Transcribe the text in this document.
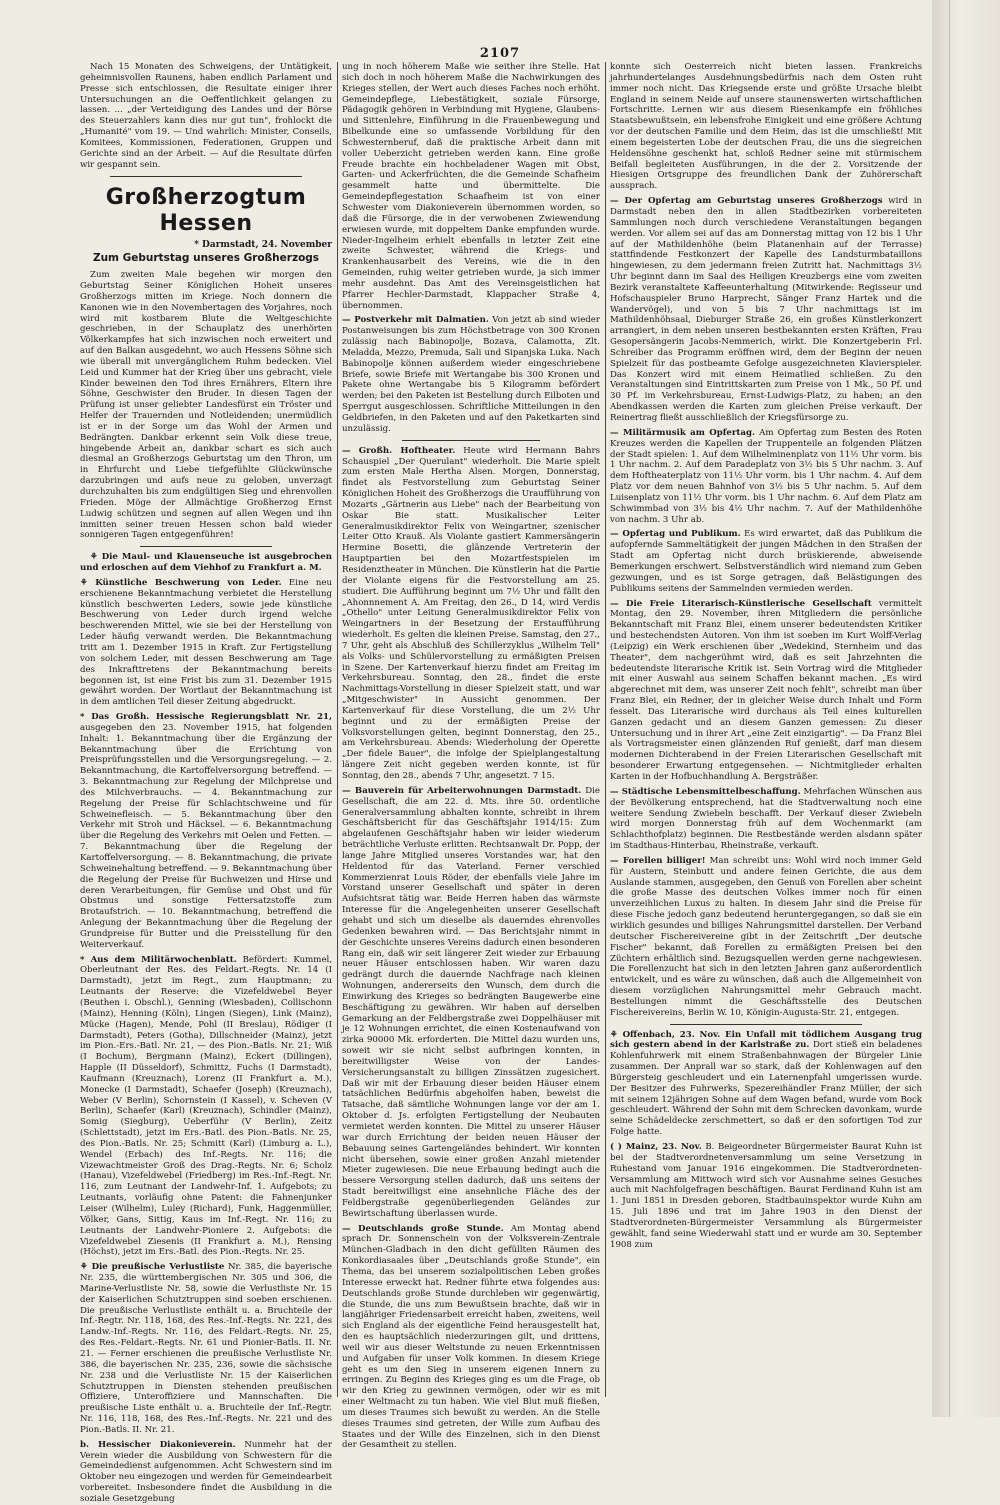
2107

Nach 15 Monaten des Schweigens, der Untätigkeit, geheimnisvollen Raunens, haben endlich Parlament und Presse sich entschlossen, die Resultate einiger ihrer Untersuchungen an die Oeffentlichkeit gelangen zu lassen. ... „der Verteidigung des Landes und der Börse des Steuerzahlers kann dies nur gut tun", frohlockt die „Humanité" vom 19. — Und wahrlich: Minister, Conseils, Komitees, Kommissionen, Federationen, Gruppen und Gerichte sind an der Arbeit. — Auf die Resultate dürfen wir gespannt sein.

Großherzogtum Hessen
* Darmstadt, 24. November
Zum Geburtstag unseres Großherzogs

Zum zweiten Male begehen wir morgen den Geburtstag Seiner Königlichen Hoheit unseres Großherzogs mitten im Kriege. Noch donnern die Kanonen wie in den Novembertagen des Vorjahres, noch wird mit kostbarem Blute die Weltgeschichte geschrieben, in der Schauplatz des unerhörten Völkerkampfes hat sich inzwischen noch erweitert und auf den Balkan ausgedehnt, wo auch Hessens Söhne sich wie überall mit unvergänglichem Ruhm bedecken. Viel Leid und Kummer hat der Krieg über uns gebracht, viele Kinder beweinen den Tod ihres Ernährers, Eltern ihre Söhne, Geschwister den Bruder. In diesen Tagen der Prüfung ist unser geliebter Landesfürst ein Tröster und Helfer der Trauernden und Notleidenden; unermüdlich ist er in der Sorge um das Wohl der Armen und Bedrängten. Dankbar erkennt sein Volk diese treue, hingebende Arbeit an, dankbar schart es sich auch diesmal an Großherzogs Geburtstag um den Thron, um in Ehrfurcht und Liebe tiefgefühlte Glückwünsche darzubringen und aufs neue zu geloben, unverzagt durchzuhalten bis zum endgültigen Sieg und ehrenvollen Frieden. Möge der Allmächtige Großherzog Ernst Ludwig schützen und segnen auf allen Wegen und ihn inmitten seiner treuen Hessen schon bald wieder sonnigeren Tagen entgegenführen!

⚘ Die Maul- und Klauenseuche ist ausgebrochen und erloschen auf dem Viehhof zu Frankfurt a. M.

⚘ Künstliche Beschwerung von Leder. Eine neu erschienene Bekanntmachung verbietet die Herstellung künstlich beschwerten Leders, sowie jede künstliche Beschwerung von Leder durch irgend welche beschwerenden Mittel, wie sie bei der Herstellung von Leder häufig verwandt werden. Die Bekanntmachung tritt am 1. Dezember 1915 in Kraft. Zur Fertigstellung von solchem Leder, mit dessen Beschwerung am Tage des Inkrafttretens der Bekanntmachung bereits begonnen ist, ist eine Frist bis zum 31. Dezember 1915 gewährt worden. Der Wortlaut der Bekanntmachung ist in dem amtlichen Teil dieser Zeitung abgedruckt.

* Das Großh. Hessische Regierungsblatt Nr. 21, ausgegeben den 23. November 1915, hat folgenden Inhalt: 1. Bekanntmachung über die Ergänzung der Bekanntmachung über die Errichtung von Preisprüfungsstellen und die Versorgungsregelung. — 2. Bekanntmachung, die Kartoffelversorgung betreffend. — 3. Bekanntmachung zur Regelung der Milchpreise und des Milchverbrauchs. — 4. Bekanntmachung zur Regelung der Preise für Schlachtschweine und für Schweinefleisch. — 5. Bekanntmachung über den Verkehr mit Stroh und Häcksel. — 6. Bekanntmachung über die Regelung des Verkehrs mit Oelen und Fetten. — 7. Bekanntmachung über die Regelung der Kartoffelversorgung. — 8. Bekanntmachung, die private Schweinehaltung betreffend. — 9. Bekanntmachung über die Regelung der Preise für Buchweizen und Hirse und deren Verarbeitungen, für Gemüse und Obst und für Obstmus und sonstige Fettersatzstoffe zum Brotaufstrich. — 10. Bekanntmachung, betreffend die Anlegung der Bekanntmachung über die Regelung der Grundpreise für Butter und die Preisstellung für den Weiterverkauf.

* Aus dem Militärwochenblatt. Befördert: Kummel, Oberleutnant der Res. des Feldart.-Regts. Nr. 14 (I Darmstadt), jetzt im Regt., zum Hauptmann; zu Leutnants der Reserve: die Vizefeldwebel Beyer (Beuthen i. Obschl.), Genning (Wiesbaden), Collischonn (Mainz), Henning (Köln), Lingen (Siegen), Link (Mainz), Mücke (Hagen), Mende, Pohl (II Breslau), Rödiger (I Darmstadt), Peters (Gotha), Dillschneider (Mainz), jetzt im Pion.-Ers.-Batl. Nr. 21, — des Pion.-Batls. Nr. 21; Wiß (I Bochum), Bergmann (Mainz), Eckert (Dillingen), Happle (II Düsseldorf), Schmittz, Fuchs (I Darmstadt), Kaufmann (Kreuznach), Lorenz (II Frankfurt a. M.), Monecke (I Darmstadt), Schaefer (Joseph) (Kreuznach), Weber (V Berlin), Schornstein (I Kassel), v. Scheven (V Berlin), Schaefer (Karl) (Kreuznach), Schindler (Mainz), Somig (Siegburg), Ueberführ (V Berlin), Zeitz (Schlettstadt), jetzt im Ers.-Batl. des Pion.-Batls. Nr. 25, des Pion.-Batls. Nr. 25; Schmitt (Karl) (Limburg a. L.), Wendel (Erbach) des Inf.-Regts. Nr. 116; die Vizewachtmeister Groß des Drag.-Regts. Nr. 6; Scholz (Hanau), Vizefeldwebel (Friedberg) im Res.-Inf.-Regt. Nr. 116, zum Leutnant der Landwehr-Inf. 1. Aufgebots; zu Leutnants, vorläufig ohne Patent: die Fahnenjunker Leiser (Wilhelm), Luley (Richard), Funk, Haggenmüller, Völker, Gans, Sittig, Kaus im Inf.-Regt. Nr. 116; zu Leutnants der Landwehr-Pioniere 2. Aufgebots: die Vizefeldwebel Ziesenis (II Frankfurt a. M.), Rensing (Höchst), jetzt im Ers.-Batl. des Pion.-Regts. Nr. 25.

⚘ Die preußische Verlustliste Nr. 385, die bayerische Nr. 235, die württembergischen Nr. 305 und 306, die Marine-Verlustliste Nr. 58, sowie die Verlustliste Nr. 15 der Kaiserlichen Schutztruppen sind soeben erschienen. Die preußische Verlustliste enthält u. a. Bruchteile der Inf.-Regtr. Nr. 118, 168, des Res.-Inf.-Regts. Nr. 221, des Landw.-Inf.-Regts. Nr. 116, des Feldart.-Regts. Nr. 25, des Res.-Feldart.-Regts. Nr. 61 und Pionier-Batls. II. Nr. 21. — Ferner erschienen die preußische Verlustliste Nr. 386, die bayerischen Nr. 235, 236, sowie die sächsische Nr. 238 und die Verlustliste Nr. 15 der Kaiserlichen Schutztruppen in Diensten stehenden preußischen Offiziere, Unteroffiziere und Mannschaften. Die preußische Liste enthält u. a. Bruchteile der Inf.-Regtr. Nr. 116, 118, 168, des Res.-Inf.-Regts. Nr. 221 und des Pion.-Batls. II. Nr. 21.

b. Hessischer Diakonieverein. Nunmehr hat der Verein wieder die Ausbildung von Schwestern für die Gemeindedienst aufgenommen. Acht Schwestern sind im Oktober neu eingezogen und werden für Gemeindearbeit vorbereitet. Insbesondere findet die Ausbildung in die soziale Gesetzgebung

ung in noch höherem Maße wie seither ihre Stelle. Hat sich doch in noch höherem Maße die Nachwirkungen des Krieges stellen, der Wert auch dieses Faches noch erhöht. Gemeindepflege, Liebestätigkeit, soziale Fürsorge, Pädagogik gehören in Verbindung mit Hygiene, Glaubens- und Sittenlehre, Einführung in die Frauenbewegung und Bibelkunde eine so umfassende Vorbildung für den Schwesternberuf, daß die praktische Arbeit dann mit voller Ueberzicht getrieben werden kann. Eine große Freude brachte ein hochbeladener Wagen mit Obst, Garten- und Ackerfrüchten, die die Gemeinde Schafheim gesammelt hatte und übermittelte. Die Gemeindepflegestation Schaafheim ist von einer Schwester vom Diakonieverein übernommen worden, so daß die Fürsorge, die in der verwobenen Zwiewendung erwiesen wurde, mit doppeltem Danke empfunden wurde. Nieder-Ingelheim erhielt ebenfalls in letzter Zeit eine zweite Schwester, während die Kriegs- und Krankenhausarbeit des Vereins, wie die in den Gemeinden, ruhig weiter getrieben wurde, ja sich immer mehr ausdehnt. Das Amt des Vereinsgeistlichen hat Pfarrer Hechler-Darmstadt, Klappacher Straße 4, übernommen.

— Postverkehr mit Dalmatien. Von jetzt ab sind wieder Postanweisungen bis zum Höchstbetrage von 300 Kronen zulässig nach Babinopolje, Bozava, Calamotta, Zlt. Meladda, Mezzo, Premuda, Sali und Sipanjska Luka. Nach Babinopolje können außerdem wieder eingeschriebene Briefe, sowie Briefe mit Wertangabe bis 300 Kronen und Pakete ohne Wertangabe bis 5 Kilogramm befördert werden; bei den Paketen ist Bestellung durch Eilboten und Sperrgut ausgeschlossen. Schriftliche Mitteilungen in den Geldbriefen, in den Paketen und auf den Paketkarten sind unzulässig.

— Großh. Hoftheater. Heute wird Hermann Bahrs Schauspiel „Der Querulant" wiederholt. Die Marie spielt zum ersten Male Hertha Alsen. Morgen, Donnerstag, findet als Festvorstellung zum Geburtstag Seiner Königlichen Hoheit des Großherzogs die Uraufführung von Mozarts „Gärtnerin aus Liebe" nach der Bearbeitung von Oskar Bie statt. Musikalischer Leiter Generalmusikdirektor Felix von Weingartner, szenischer Leiter Otto Krauß. Als Violante gastiert Kammersängerin Hermine Bosetti, die glänzende Vertreterin der Hauptpartien bei den Mozartfestspielen im Residenztheater in München. Die Künstlerin hat die Partie der Violante eigens für die Festvorstellung am 25. studiert. Die Aufführung beginnt um 7½ Uhr und fällt den „Ahonnnement A. Am Freitag, den 26., D 14, wird Verdis „Othello" unter Leitung Generalmusikdirektor Felix von Weingartners in der Besetzung der Erstaufführung wiederholt. Es gelten die kleinen Preise. Samstag, den 27., 7 Uhr, geht als Abschluß des Schillerzyklus „Wilhelm Tell" als Volks- und Schülervorstellung zu ermäßigten Preisen in Szene. Der Kartenverkauf hierzu findet am Freitag im Verkehrsbureau. Sonntag, den 28., findet die erste Nachmittags-Vorstellung in dieser Spielzeit statt, und war „Mitgeschwister" in Aussicht genommen. Der Kartenverkauf für diese Vorstellung, die um 2½ Uhr beginnt und zu der ermäßigten Preise der Volksvorstellungen gelten, beginnt Donnerstag, den 25., am Verkehrsbureau. Abends: Wiederholung der Operette „Der fidele Bauer", die infolge der Spielplangestaltung längere Zeit nicht gegeben werden konnte, ist für Sonntag, den 28., abends 7 Uhr, angesetzt. 7 15.

— Bauverein für Arbeiterwohnungen Darmstadt. Die Gesellschaft, die am 22. d. Mts. ihre 50. ordentliche Generalversammlung abhalten konnte, schreibt in ihrem Geschäftsbericht für das Geschäftsjahr 1914/15: Zum abgelaufenen Geschäftsjahr haben wir leider wiederum beträchtliche Verluste erlitten. Rechtsanwalt Dr. Popp, der lange Jahre Mitglied unseres Vorstandes war, hat den Heldentod für das Vaterland. Ferner verschied Kommerzienrat Louis Röder, der ebenfalls viele Jahre im Vorstand unserer Gesellschaft und später in deren Aufsichtsrat tätig war. Beide Herren haben das wärmste Interesse für die Angelegenheiten unserer Gesellschaft gehabt und sich um dieselbe als dauerndes ehrenvolles Gedenken bewahren wird. — Das Berichtsjahr nimmt in der Geschichte unseres Vereins dadurch einen besonderen Rang ein, daß wir seit längerer Zeit wieder zur Erbauung neuer Häuser entschlossen haben. Wir waren dazu gedrängt durch die dauernde Nachfrage nach kleinen Wohnungen, andererseits den Wunsch, dem durch die Einwirkung des Krieges so bedrängten Baugewerbe eine Beschäftigung zu gewähren. Wir haben auf derselben Gemarkung an der Feldbergstraße zwei Doppelhäuser mit je 12 Wohnungen errichtet, die einen Kostenaufwand von zirka 90000 Mk. erforderten. Die Mittel dazu wurden uns, soweit wir sie nicht selbst aufbringen konnten, in bereitwilligster Weise von der Landes-Versicherungsanstalt zu billigen Zinssätzen zugesichert. Daß wir mit der Erbauung dieser beiden Häuser einem tatsächlichen Bedürfnis abgeholfen haben, beweist die Tatsache, daß sämtliche Wohnungen lange vor der am 1. Oktober d. Js. erfolgten Fertigstellung der Neubauten vermietet werden konnten. Die Mittel zu unserer Häuser war durch Errichtung der beiden neuen Häuser der Bebauung seines Gartengeländes behindert. Wir konnten nicht übersehen, sowie einer großen Anzahl mietender Mieter zugewiesen. Die neue Erbauung bedingt auch die bessere Versorgung stellen dadurch, daß uns seitens der Stadt bereitwilligst eine ansehnliche Fläche des der Feldbergstraße gegenüberliegenden Geländes zur Bewirtschaftung überlassen wurde.

— Deutschlands große Stunde. Am Montag abend sprach Dr. Sonnenschein von der Volksverein-Zentrale München-Gladbach in den dicht gefüllten Räumen des Konkordiasaales über „Deutschlands große Stunde", ein Thema, das bei unserem sozialpolitischen Leben großes Interesse erweckt hat. Redner führte etwa folgendes aus: Deutschlands große Stunde durchleben wir gegenwärtig, die Stunde, die uns zum Bewußtsein brachte, daß wir in langjähriger Friedensarbeit erreicht haben, zweitens, weil sich England als der eigentliche Feind herausgestellt hat, den es hauptsächlich niederzuringen gilt, und drittens, weil wir aus dieser Weltstunde zu neuen Erkenntnissen und Aufgaben für unser Volk kommen. In diesem Kriege geht es um den Sieg in unserem eigenen Innern zu erringen. Zu Beginn des Krieges ging es um die Frage, ob wir den Krieg zu gewinnen vermögen, oder wir es mit einer Weltmacht zu tun haben. Wie viel Blut muß fließen, um dieses Traumes sich bewußt zu werden. An die Stelle dieses Traumes sind getreten, der Wille zum Aufbau des Staates und der Wille des Einzelnen, sich in den Dienst der Gesamtheit zu stellen.

konnte sich Oesterreich nicht bieten lassen. Frankreichs jahrhundertelanges Ausdehnungsbedürfnis nach dem Osten ruht immer noch nicht. Das Kriegsende erste und größte Ursache bleibt England in seinem Neide auf unsere staunenswerten wirtschaftlichen Fortschritte. Lernen wir aus diesem Riesenkampfe ein fröhliches Staatsbewußtsein, ein lebensfrohe Einigkeit und eine größere Achtung vor der deutschen Familie und dem Heim, das ist die umschließt! Mit einem begeisterten Lobe der deutschen Frau, die uns die siegreichen Heldensöhne geschenkt hat, schloß Redner seine mit stürmischem Beifall begleiteten Ausführungen, in die der 2. Vorsitzende der Hiesigen Ortsgruppe des freundlichen Dank der Zuhörerschaft aussprach.

— Der Opfertag am Geburtstag unseres Großherzogs wird in Darmstadt neben den in allen Stadtbezirken vorbereiteten Sammlungen noch durch verschiedene Veranstaltungen begangen werden. Vor allem sei auf das am Donnerstag mittag von 12 bis 1 Uhr auf der Mathildenhöhe (beim Platanenhain auf der Terrasse) stattfindende Festkonzert der Kapelle des Landsturmbataillons hingewiesen, zu dem jedermann freien Zutritt hat. Nachmittags 3½ Uhr beginnt dann im Saal des Heiligen Kreuzbergs eine vom zweiten Bezirk veranstaltete Kaffeeunterhaltung (Mitwirkende: Regisseur und Hofschauspieler Bruno Harprecht, Sänger Franz Hartek und die Wandervögel), und von 5 bis 7 Uhr nachmittags ist im Mathildenhöhsaal, Dieburger Straße 26, ein großes Künstlerkonzert arrangiert, in dem neben unseren bestbekannten ersten Kräften, Frau Gesopersängerin Jacobs-Nemmerich, wirkt. Die Konzertgeberin Frl. Schreiber das Programm eröffnen wird, dem der Beginn der neuen Spielzeit für das postbeamte Gefolge ausgezeichneten Klavierspieler. Das Konzert wird mit einem Heimatlied schließen. Zu den Veranstaltungen sind Eintrittskarten zum Preise von 1 Mk., 50 Pf. und 30 Pf. im Verkehrsbureau, Ernst-Ludwigs-Platz, zu haben; an den Abendkassen werden die Karten zum gleichen Preise verkauft. Der Reinertrag fließt ausschließlich der Kriegsfürsorge zu.

— Militärmusik am Opfertag. Am Opfertag zum Besten des Roten Kreuzes werden die Kapellen der Truppenteile an folgenden Plätzen der Stadt spielen: 1. Auf dem Wilhelminenplatz von 11½ Uhr vorm. bis 1 Uhr nachm. 2. Auf dem Paradeplatz von 3½ bis 5 Uhr nachm. 3. Auf dem Hoftheaterplatz von 11½ Uhr vorm. bis 1 Uhr nachm. 4. Auf dem Platz vor dem neuen Bahnhof von 3½ bis 5 Uhr nachm. 5. Auf dem Luisenplatz von 11½ Uhr vorm. bis 1 Uhr nachm. 6. Auf dem Platz am Schwimmbad von 3½ bis 4½ Uhr nachm. 7. Auf der Mathildenhöhe von nachm. 3 Uhr ab.

— Opfertag und Publikum. Es wird erwartet, daß das Publikum die aufopfernde Sammeltätigkeit der jungen Mädchen in den Straßen der Stadt am Opfertag nicht durch brüskierende, abweisende Bemerkungen erschwert. Selbstverständlich wird niemand zum Geben gezwungen, und es ist Sorge getragen, daß Belästigungen des Publikums seitens der Sammelnden vermieden werden.

— Die Freie Literarisch-Künstlerische Gesellschaft vermittelt Montag, den 29. November, ihren Mitgliedern die persönliche Bekanntschaft mit Franz Blei, einem unserer bedeutendsten Kritiker und bestechendsten Autoren. Von ihm ist soeben im Kurt Wolff-Verlag (Leipzig) ein Werk erschienen über „Wedekind, Sternheim und das Theater", dem nachgerühmt wird, daß es seit Jahrzehnten die bedeutendste literarische Kritik ist. Sein Vortrag wird die Mitglieder mit einer Auswahl aus seinem Schaffen bekannt machen. „Es wird abgerechnet mit dem, was unserer Zeit noch fehlt", schreibt man über Franz Blei, ein Redner, der in gleicher Weise durch Inhalt und Form fesselt. Das Literarische wird durchaus als Teil eines kulturellen Ganzen gedacht und an diesem Ganzen gemessen: Zu dieser Untersuchung und in ihrer Art „eine Zeit einzigartig". — Da Franz Blei als Vortragsmeister einen glänzenden Ruf genießt, darf man diesem modernen Dichterabend in der Freien Literarischen Gesellschaft mit besonderer Erwartung entgegensehen. — Nichtmitglieder erhalten Karten in der Hofbuchhandlung A. Bergsträßer.

— Städtische Lebensmittelbeschaffung. Mehrfachen Wünschen aus der Bevölkerung entsprechend, hat die Stadtverwaltung noch eine weitere Sendung Zwiebeln beschafft. Der Verkauf dieser Zwiebeln wird morgen Donnerstag früh auf dem Wochenmarkt (am Schlachthofplatz) beginnen. Die Restbestände werden alsdann später im Stadthaus-Hinterbau, Rheinstraße, verkauft.

— Forellen billiger! Man schreibt uns: Wohl wird noch immer Geld für Austern, Steinbutt und andere feinen Gerichte, die aus dem Auslande stammen, ausgegeben, den Genuß von Forellen aber scheint die große Masse des deutschen Volkes immer noch für einen unverzeihlichen Luxus zu halten. In diesem Jahr sind die Preise für diese Fische jedoch ganz bedeutend heruntergegangen, so daß sie ein wirklich gesundes und billiges Nahrungsmittel darstellen. Der Verband deutscher Fischereivereine gibt in der Zeitschrift „Der deutsche Fischer" bekannt, daß Forellen zu ermäßigten Preisen bei den Züchtern erhältlich sind. Bezugsquellen werden gerne nachgewiesen. Die Forellenzucht hat sich in den letzten Jahren ganz außerordentlich entwickelt, und es wäre zu wünschen, daß auch die Allgemeinheit von diesem vorzüglichen Nahrungsmittel mehr Gebrauch macht. Bestellungen nimmt die Geschäftsstelle des Deutschen Fischereivereins, Berlin W. 10, Königin-Augusta-Str. 21, entgegen.

⚘ Offenbach, 23. Nov. Ein Unfall mit tödlichem Ausgang trug sich gestern abend in der Karlstraße zu. Dort stieß ein beladenes Kohlenfuhrwerk mit einem Straßenbahnwagen der Bürgeler Linie zusammen. Der Anprall war so stark, daß der Kohlenwagen auf den Bürgersteig geschleudert und ein Laternenpfahl umgerissen wurde. Der Besitzer des Fuhrwerks, Spezereihändler Franz Müller, der sich mit seinem 12jährigen Sohne auf dem Wagen befand, wurde vom Bock geschleudert. Während der Sohn mit dem Schrecken davonkam, wurde seine Schädeldecke zerschmettert, so daß er den sofortigen Tod zur Folge hatte.

( ) Mainz, 23. Nov. B. Beigeordneter Bürgermeister Baurat Kuhn ist bei der Stadtverordnetenversammlung um seine Versetzung in Ruhestand vom Januar 1916 eingekommen. Die Stadtverordneten-Versammlung am Mittwoch wird sich vor Ausnahme seines Gesuches auch mit Nachfolgefragen beschäftigen. Baurat Ferdinand Kuhn ist am 1. Juni 1851 in Dresden geboren, Stadtbauinspektor wurde Kuhn am 15. Juli 1896 und trat im Jahre 1903 in den Dienst der Stadtverordneten-Bürgermeister Versammlung als Bürgermeister gewählt, fand seine Wiederwahl statt und er wurde am 30. September 1908 zum
